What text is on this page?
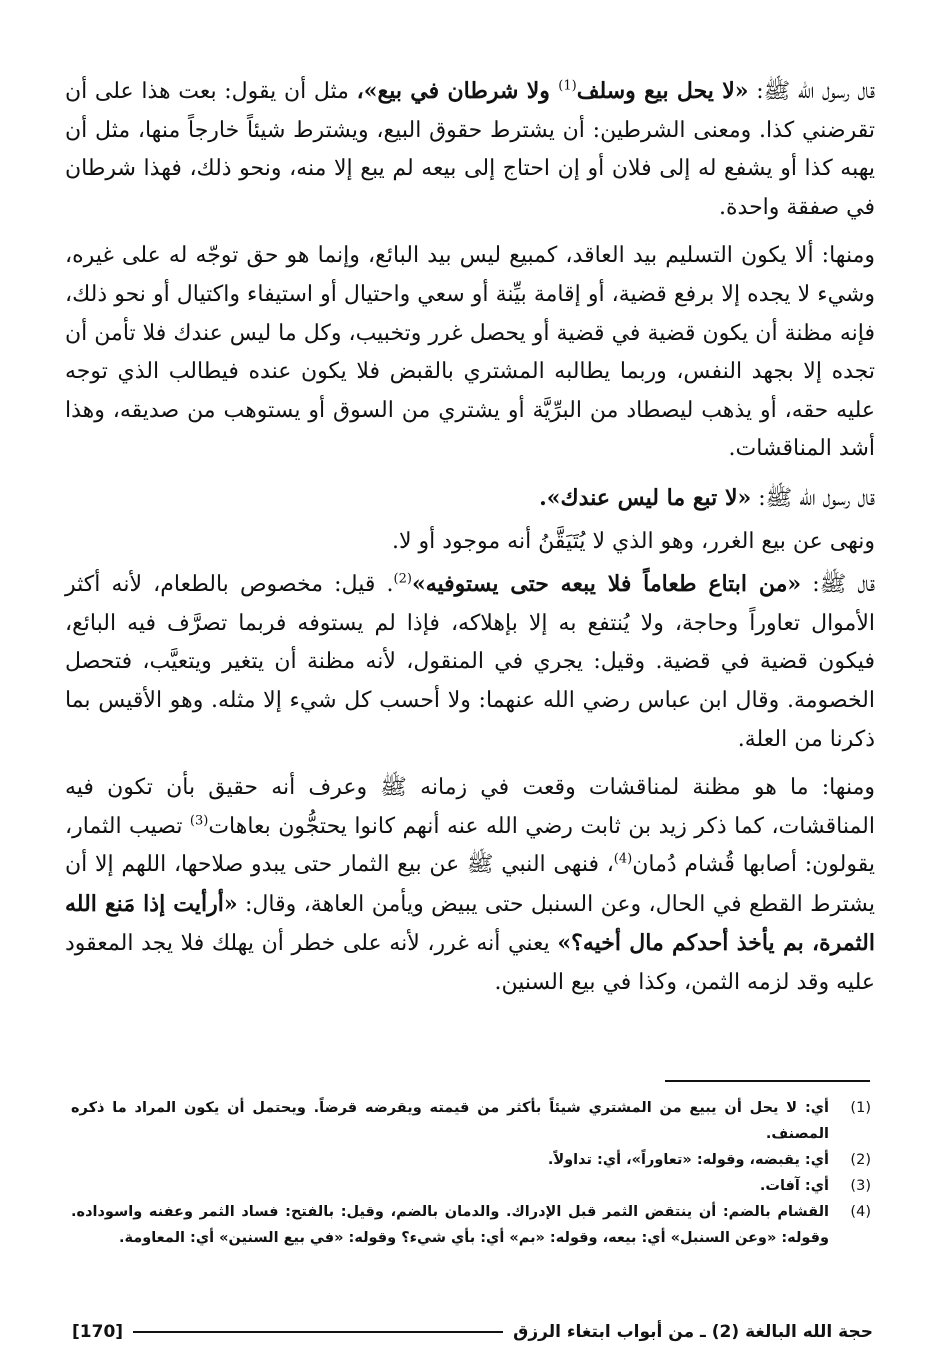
قال رسول الله ﷺ: «لا يحل بيع وسلف$^{(1)}$ ولا شرطان في بيع»، مثل أن يقول: بعت هذا على أن تقرضني كذا. ومعنى الشرطين: أن يشترط حقوق البيع، ويشترط شيئاً خارجاً منها، مثل أن يهبه كذا أو يشفع له إلى فلان أو إن احتاج إلى بيعه لم يبع إلا منه، ونحو ذلك، فهذا شرطان في صفقة واحدة.

ومنها: ألا يكون التسليم بيد العاقد، كمبيع ليس بيد البائع، وإنما هو حق توجّه له على غيره، وشيء لا يجده إلا برفع قضية، أو إقامة بيِّنة أو سعي واحتيال أو استيفاء واكتيال أو نحو ذلك، فإنه مظنة أن يكون قضية في قضية أو يحصل غرر وتخبيب، وكل ما ليس عندك فلا تأمن أن تجده إلا بجهد النفس، وربما يطالبه المشتري بالقبض فلا يكون عنده فيطالب الذي توجه عليه حقه، أو يذهب ليصطاد من البرِّيَّة أو يشتري من السوق أو يستوهب من صديقه، وهذا أشد المناقشات.

قال رسول الله ﷺ: «لا تبع ما ليس عندك».

ونهى عن بيع الغرر، وهو الذي لا يُتَيَقَّنُ أنه موجود أو لا.

قال ﷺ: «من ابتاع طعاماً فلا يبعه حتى يستوفيه»$^{(2)}$. قيل: مخصوص بالطعام، لأنه أكثر الأموال تعاوراً وحاجة، ولا يُنتفع به إلا بإهلاكه، فإذا لم يستوفه فربما تصرَّف فيه البائع، فيكون قضية في قضية. وقيل: يجري في المنقول، لأنه مظنة أن يتغير ويتعيَّب، فتحصل الخصومة. وقال ابن عباس رضي الله عنهما: ولا أحسب كل شيء إلا مثله. وهو الأقيس بما ذكرنا من العلة.

ومنها: ما هو مظنة لمناقشات وقعت في زمانه ﷺ وعرف أنه حقيق بأن تكون فيه المناقشات، كما ذكر زيد بن ثابت رضي الله عنه أنهم كانوا يحتجُّون بعاهات$^{(3)}$ تصيب الثمار، يقولون: أصابها قُشام دُمان$^{(4)}$، فنهى النبي ﷺ عن بيع الثمار حتى يبدو صلاحها، اللهم إلا أن يشترط القطع في الحال، وعن السنبل حتى يبيض ويأمن العاهة، وقال: «أرأيت إذا مَنع الله الثمرة، بم يأخذ أحدكم مال أخيه؟» يعني أنه غرر، لأنه على خطر أن يهلك فلا يجد المعقود عليه وقد لزمه الثمن، وكذا في بيع السنين.

(1)
أي: لا يحل أن يبيع من المشتري شيئاً بأكثر من قيمته ويقرضه قرضاً. ويحتمل أن يكون المراد ما ذكره المصنف.
(2)
أي: يقبضه، وقوله: «تعاوراً»، أي: تداولاً.
(3)
أي: آفات.
(4)
القشام بالضم: أن ينتقض الثمر قبل الإدراك. والدمان بالضم، وقيل: بالفتح: فساد الثمر وعفنه واسوداده. وقوله: «وعن السنبل» أي: بيعه، وقوله: «بم» أي: بأي شيء؟ وقوله: «في بيع السنين» أي: المعاومة.
حجة الله البالغة (2) ـ من أبواب ابتغاء الرزق
[170]
